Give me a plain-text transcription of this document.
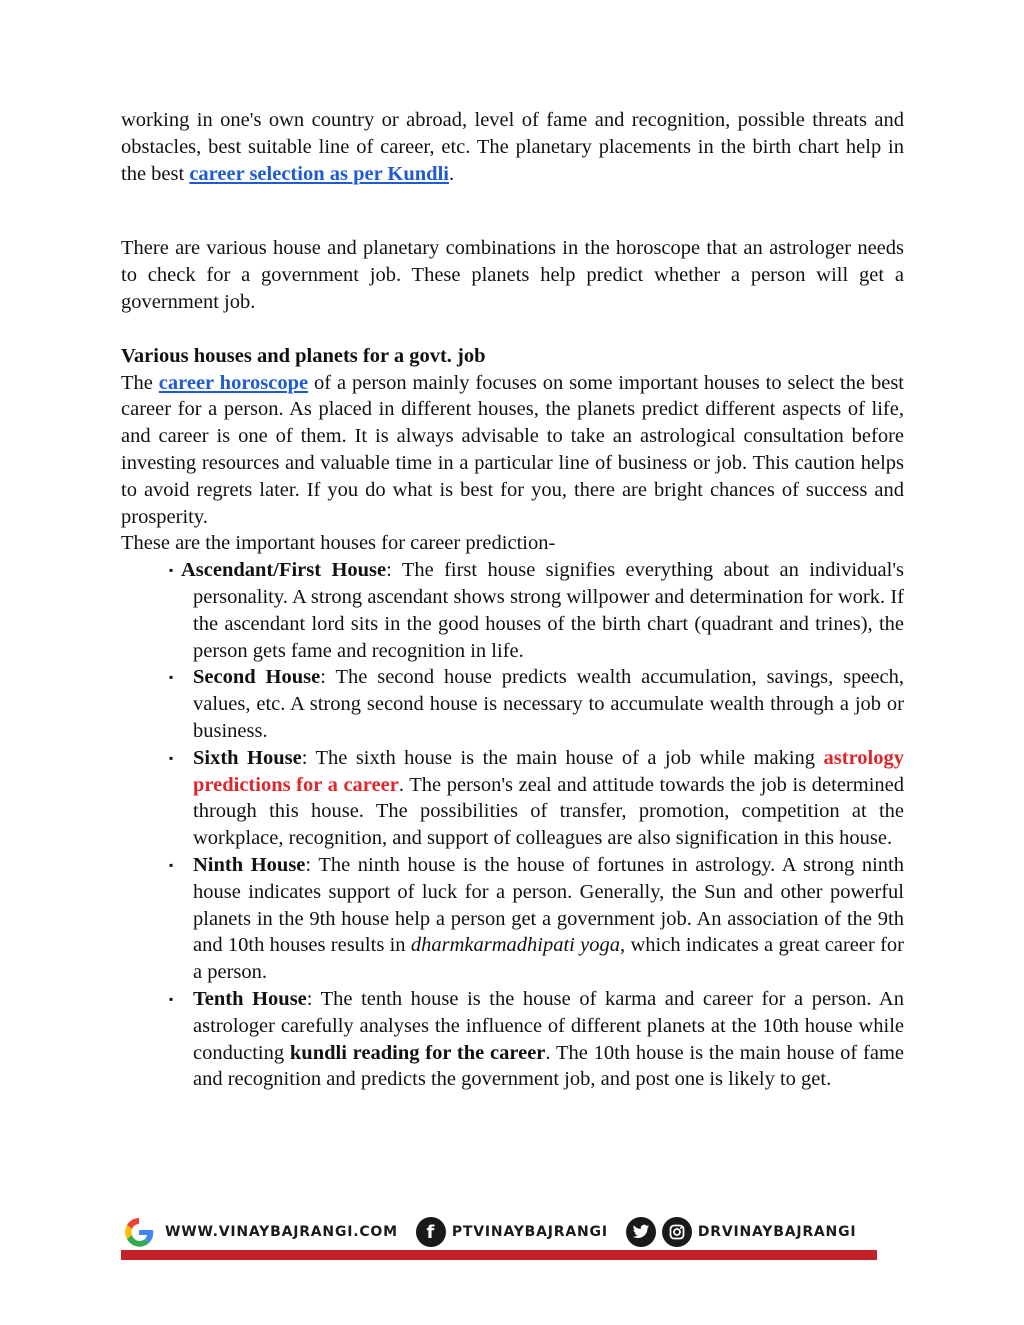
working in one's own country or abroad, level of fame and recognition, possible threats and obstacles, best suitable line of career, etc. The planetary placements in the birth chart help in the best career selection as per Kundli.

There are various house and planetary combinations in the horoscope that an astrologer needs to check for a government job. These planets help predict whether a person will get a government job.

Various houses and planets for a govt. job

The career horoscope of a person mainly focuses on some important houses to select the best career for a person. As placed in different houses, the planets predict different aspects of life, and career is one of them. It is always advisable to take an astrological consultation before investing resources and valuable time in a particular line of business or job. This caution helps to avoid regrets later. If you do what is best for you, there are bright chances of success and prosperity.

These are the important houses for career prediction-

▪ Ascendant/First House: The first house signifies everything about an individual's personality. A strong ascendant shows strong willpower and determination for work. If the ascendant lord sits in the good houses of the birth chart (quadrant and trines), the person gets fame and recognition in life.
▪ Second House: The second house predicts wealth accumulation, savings, speech, values, etc. A strong second house is necessary to accumulate wealth through a job or business.
▪ Sixth House: The sixth house is the main house of a job while making astrology predictions for a career. The person's zeal and attitude towards the job is determined through this house. The possibilities of transfer, promotion, competition at the workplace, recognition, and support of colleagues are also signification in this house.
▪ Ninth House: The ninth house is the house of fortunes in astrology. A strong ninth house indicates support of luck for a person. Generally, the Sun and other powerful planets in the 9th house help a person get a government job. An association of the 9th and 10th houses results in dharmkarmadhipati yoga, which indicates a great career for a person.
▪ Tenth House: The tenth house is the house of karma and career for a person. An astrologer carefully analyses the influence of different planets at the 10th house while conducting kundli reading for the career. The 10th house is the main house of fame and recognition and predicts the government job, and post one is likely to get.
WWW.VINAYBAJRANGI.COM	f	PTVINAYBAJRANGI	DRVINAYBAJRANGI
